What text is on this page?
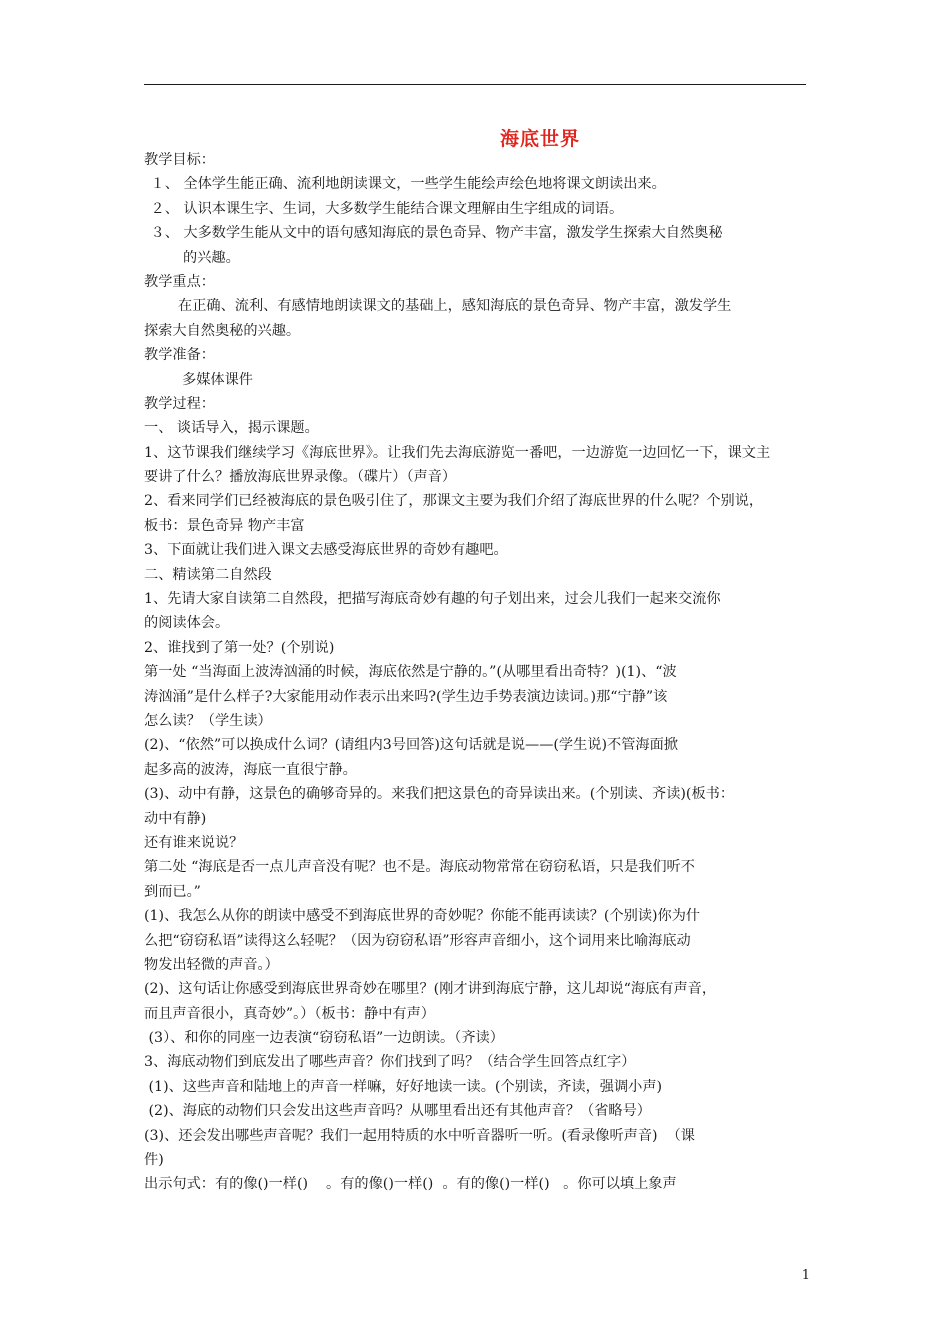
海底世界
教学目标：
１、 全体学生能正确、流利地朗读课文，一些学生能绘声绘色地将课文朗读出来。
２、 认识本课生字、生词，大多数学生能结合课文理解由生字组成的词语。
３、 大多数学生能从文中的语句感知海底的景色奇异、物产丰富，激发学生探索大自然奥秘
的兴趣。
教学重点：
在正确、流利、有感情地朗读课文的基础上，感知海底的景色奇异、物产丰富，激发学生
探索大自然奥秘的兴趣。
教学准备：
多媒体课件
教学过程：
一、 谈话导入，揭示课题。
1、这节课我们继续学习《海底世界》。让我们先去海底游览一番吧，一边游览一边回忆一下，课文主
要讲了什么？播放海底世界录像。（碟片）（声音）
2、看来同学们已经被海底的景色吸引住了，那课文主要为我们介绍了海底世界的什么呢？个别说，
板书：景色奇异 物产丰富
3、下面就让我们进入课文去感受海底世界的奇妙有趣吧。
二、精读第二自然段
1、先请大家自读第二自然段，把描写海底奇妙有趣的句子划出来，过会儿我们一起来交流你
的阅读体会。
2、谁找到了第一处？(个别说)
第一处 “当海面上波涛汹涌的时候，海底依然是宁静的。”(从哪里看出奇特？)(1)、“波
涛汹涌”是什么样子?大家能用动作表示出来吗?(学生边手势表演边读词。)那“宁静”该
怎么读？（学生读）
(2)、“依然”可以换成什么词？(请组内3号回答)这句话就是说——(学生说)不管海面掀
起多高的波涛，海底一直很宁静。
(3)、动中有静，这景色的确够奇异的。来我们把这景色的奇异读出来。(个别读、齐读)(板书：
动中有静)
还有谁来说说？
第二处 “海底是否一点儿声音没有呢？也不是。海底动物常常在窃窃私语，只是我们听不
到而已。”
(1)、我怎么从你的朗读中感受不到海底世界的奇妙呢？你能不能再读读？(个别读)你为什
么把“窃窃私语”读得这么轻呢？（因为窃窃私语”形容声音细小，这个词用来比喻海底动
物发出轻微的声音。）
(2)、这句话让你感受到海底世界奇妙在哪里？(刚才讲到海底宁静，这儿却说“海底有声音，
而且声音很小，真奇妙”。）（板书：静中有声）
(3）、和你的同座一边表演“窃窃私语”一边朗读。（齐读）
3、海底动物们到底发出了哪些声音？你们找到了吗？（结合学生回答点红字）
(1)、这些声音和陆地上的声音一样嘛，好好地读一读。(个别读，齐读，强调小声)
(2)、海底的动物们只会发出这些声音吗？从哪里看出还有其他声音？（省略号）
(3)、还会发出哪些声音呢？我们一起用特质的水中听音器听一听。(看录像听声音)  （课
件)
出示句式：有的像()一样()    。有的像()一样()  。有的像()一样()   。你可以填上象声
1
